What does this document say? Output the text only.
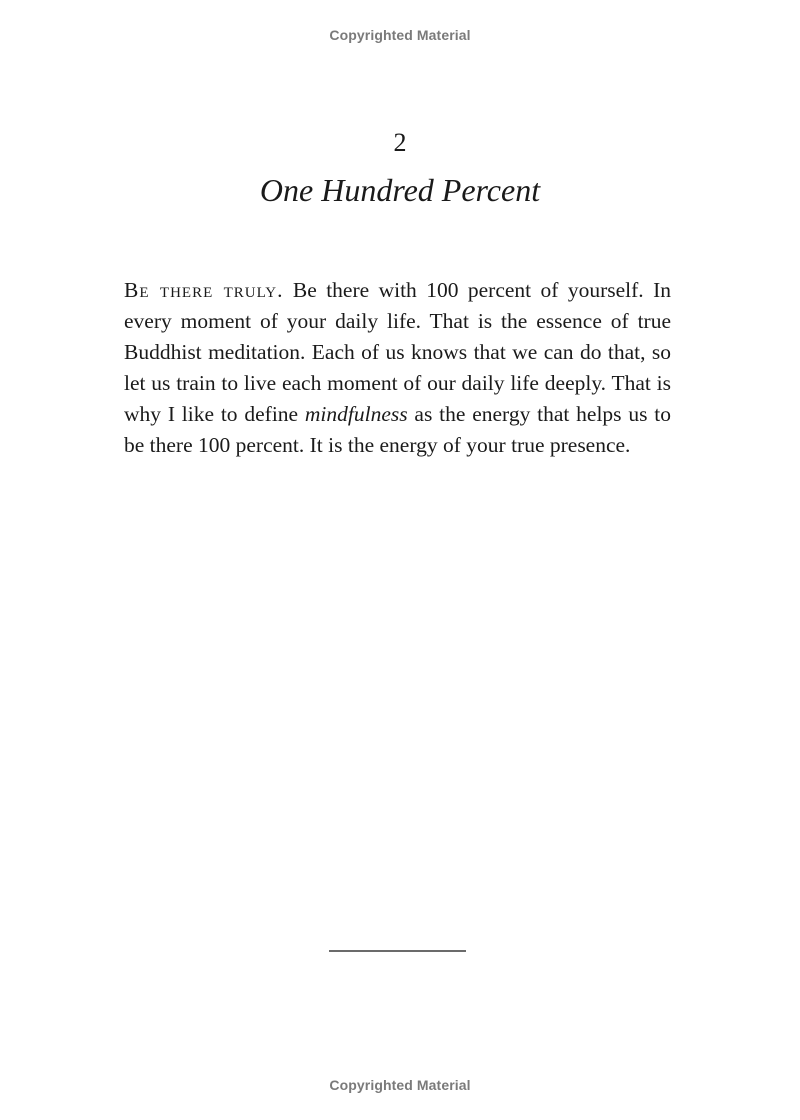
Copyrighted Material
2
One Hundred Percent

Be there truly. Be there with 100 percent of yourself. In every moment of your daily life. That is the essence of true Buddhist meditation. Each of us knows that we can do that, so let us train to live each moment of our daily life deeply. That is why I like to define mindfulness as the energy that helps us to be there 100 percent. It is the energy of your true presence.

Copyrighted Material
